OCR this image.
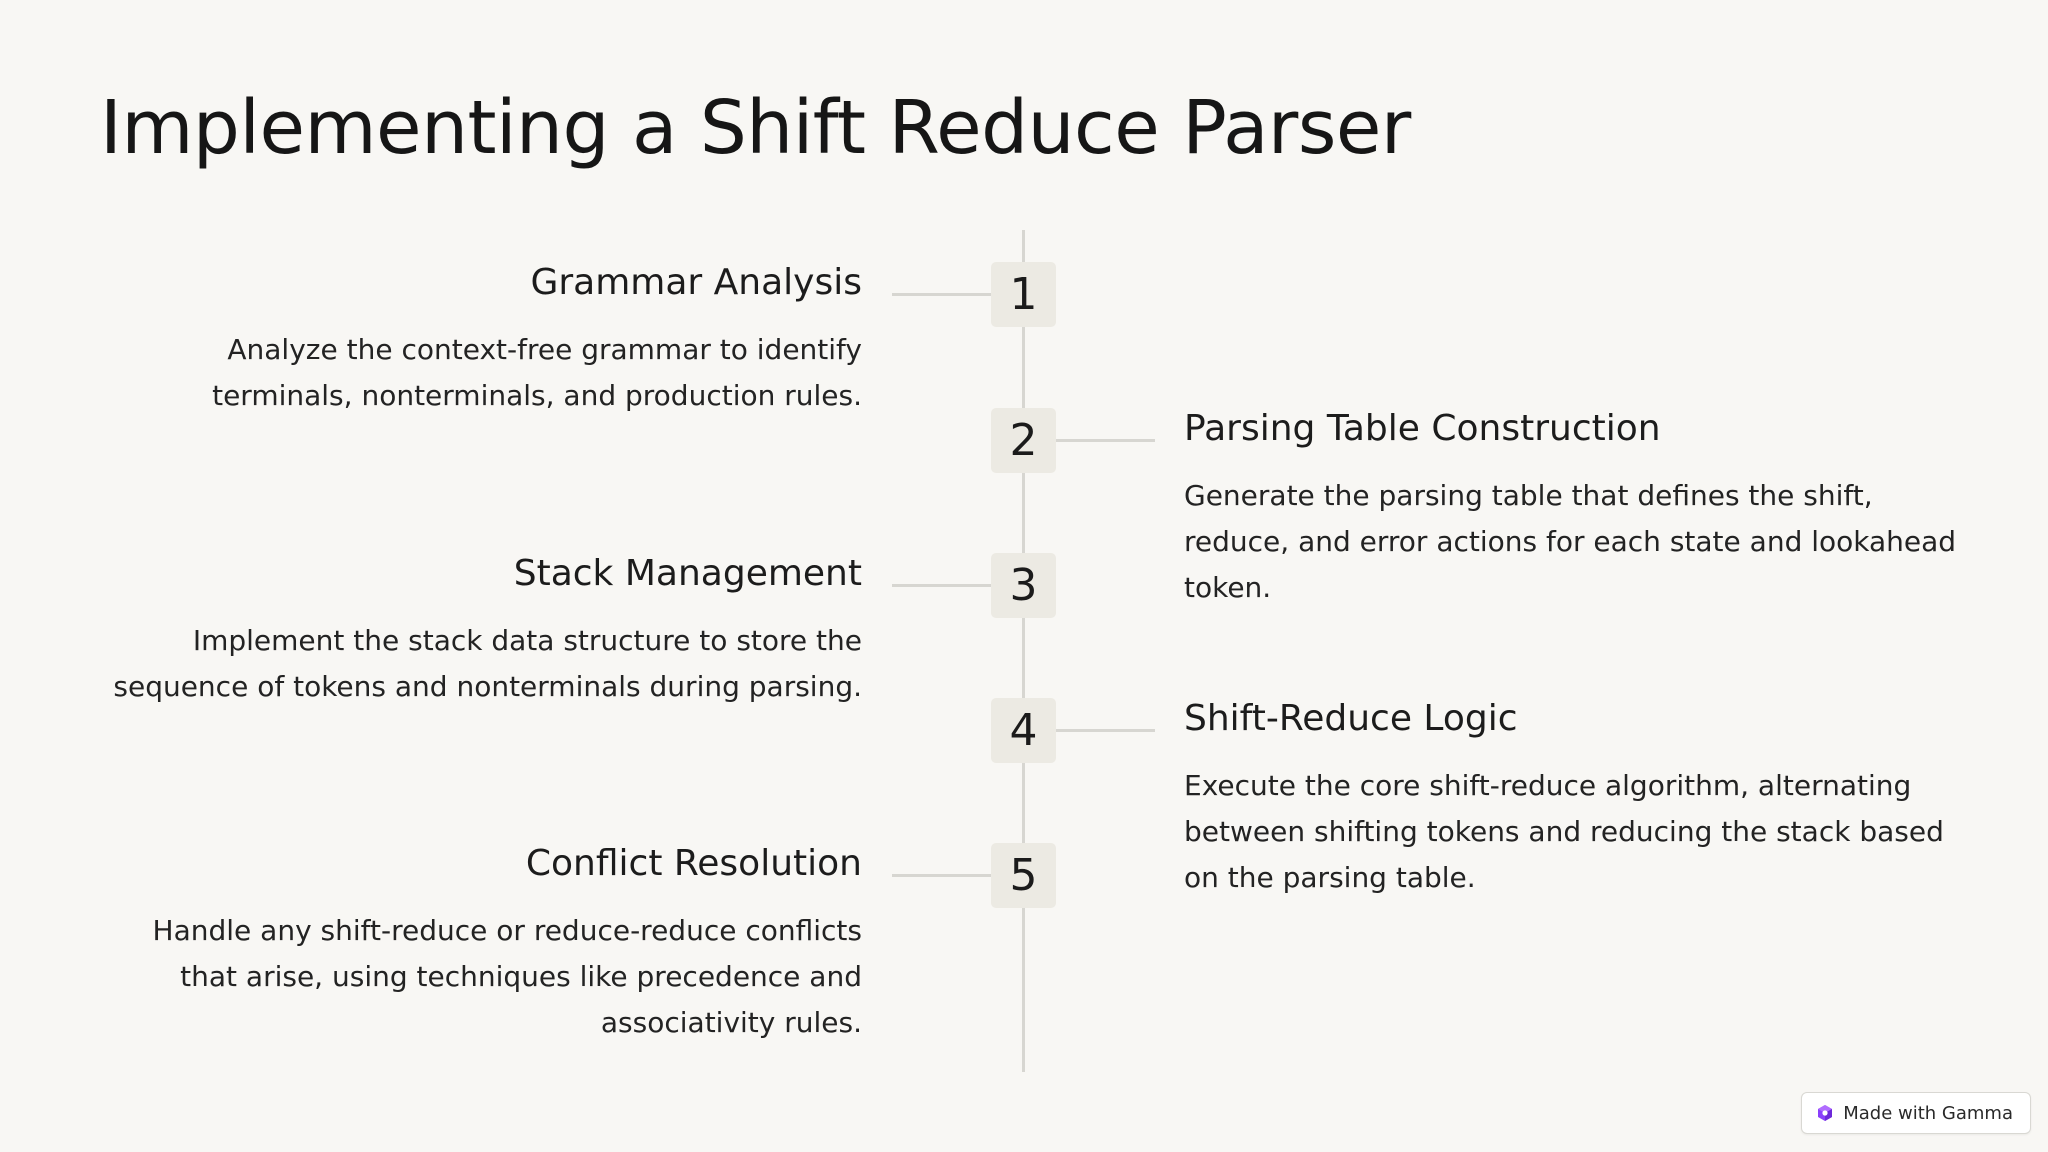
Implementing a Shift Reduce Parser
1
Grammar Analysis
Analyze the context-free grammar to identify terminals, nonterminals, and production rules.
2	Parsing Table Construction
Generate the parsing table that defines the shift, reduce, and error actions for each state and lookahead token.
3
Stack Management
Implement the stack data structure to store the sequence of tokens and nonterminals during parsing.
4	Shift-Reduce Logic
Execute the core shift-reduce algorithm, alternating between shifting tokens and reducing the stack based on the parsing table.
5
Conflict Resolution
Handle any shift-reduce or reduce-reduce conflicts that arise, using techniques like precedence and associativity rules.
Made with Gamma
